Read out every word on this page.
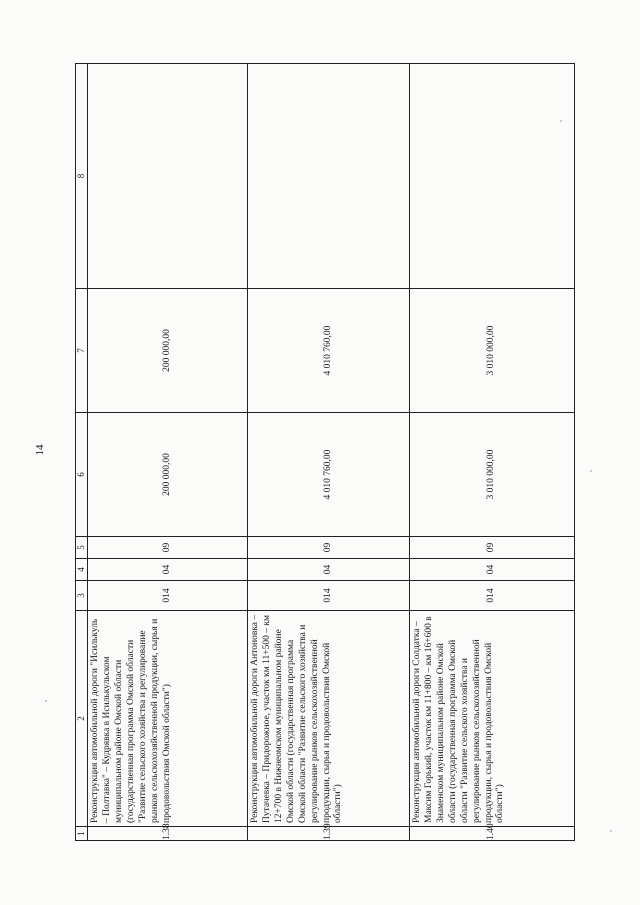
14
1	2	3	4	5	6	7	8
1.38	Реконструкция автомобильной дороги "Исилькуль – Полтавка" – Кудрявка в Исилькульском муниципальном районе Омской области (государственная программа Омской области "Развитие сельского хозяйства и регулирование рынков сельскохозяйственной продукции, сырья и продовольствия Омской области")	014	04	09	200 000,00	200 000,00	
1.39	Реконструкция автомобильной дороги Антоновка – Путачевка – Придорожное, участок км 11+500 – км 12+700 в Нижнеомском муниципальном районе Омской области (государственная программа Омской области "Развитие сельского хозяйства и регулирование рынков сельскохозяйственной продукции, сырья и продовольствия Омской области")	014	04	09	4 010 760,00	4 010 760,00	
1.40	Реконструкция автомобильной дороги Солдатка – Максим Горький, участок км 11+800 – км 16+600 в Знаменском муниципальном районе Омской области (государственная программа Омской области "Развитие сельского хозяйства и регулирование рынков сельскохозяйственной продукции, сырья и продовольствия Омской области")	014	04	09	3 010 000,00	3 010 000,00	
